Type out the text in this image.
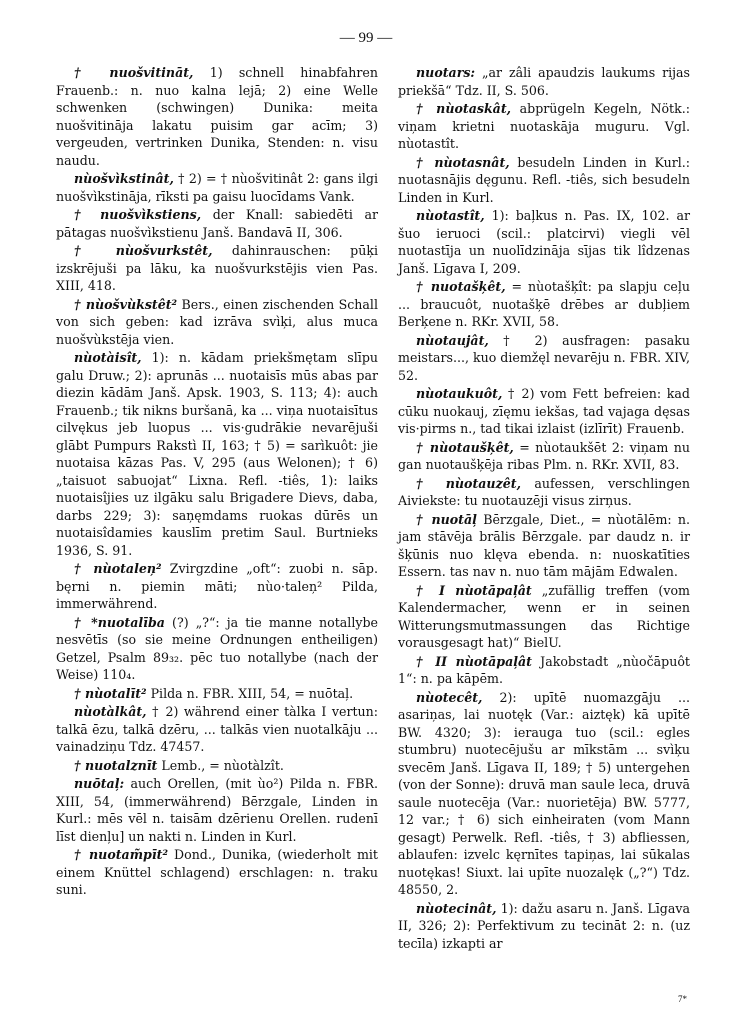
— 99 —

† nuošvitināt, 1) schnell hinabfahren Frauenb.: n. nuo kalna lejā; 2) eine Welle schwenken (schwingen) Dunika: meita nuošvitināja lakatu puisim gar acīm; 3) vergeuden, vertrinken Dunika, Stenden: n. visu naudu.

nùošvìkstinât, † 2) = † nùošvitinât 2: gans ilgi nuošvìkstināja, rīksti pa gaisu luocīdams Vank.

† nuošvìkstiens, der Knall: sabiedēti ar pātagas nuošvìkstienu Janš. Bandavā II, 306.

† nùošvurkstêt, dahinrauschen: pūķi izskrējuši pa lāku, ka nuošvurkstējis vien Pas. XIII, 418.

† nùošvùkstêt² Bers., einen zischenden Schall von sich geben: kad izrāva svìķi, alus muca nuošvùkstēja vien.

nùotàisît, 1): n. kādam priekšmętam slīpu galu Druw.; 2): aprunās ... nuotaisīs mūs abas par diezin kādām Janš. Apsk. 1903, S. 113; 4): auch Frauenb.; tik nikns buršanā, ka ... viņa nuotaisītus cilvękus jeb luopus ... vis·gudrākie nevarējuši glābt Pumpurs Rakstì II, 163; † 5) = sarìkuôt: jie nuotaisa kāzas Pas. V, 295 (aus Welonen); † 6) „taisuot sabuojat“ Lixna. Refl. -tiês, 1): laiks nuotaisîjies uz ilgāku salu Brigadere Dievs, daba, darbs 229; 3): saņęmdams ruokas dūrēs un nuotaisîdamies kauslīm pretim Saul. Burtnieks 1936, S. 91.

† nùotaleņ² Zvirgzdine „oft“: zuobi n. sāp. bęrni n. piemin māti; nùo·taleņ² Pilda, immerwährend.

† *nuotalība (?) „?“: ja tie manne notallybe nesvētīs (so sie meine Ordnungen entheiligen) Getzel, Psalm 89₃₂. pēc tuo notallybe (nach der Weise) 110₄.

† nùotalīt² Pilda n. FBR. XIII, 54, = nuōtaļ.

nùotàlkât, † 2) während einer tàlka I vertun: talkā ēzu, talkā dzēru, ... talkās vien nuotalkāju ... vainadziņu Tdz. 47457.

† nuotalznīt Lemb., = nùotàlzît.

nuōtaļ: auch Orellen, (mit ùo²) Pilda n. FBR. XIII, 54, (immerwährend) Bērzgale, Linden in Kurl.: mēs vēl n. taisām dzērienu Orellen. rudenī līst dienļu] un nakti n. Linden in Kurl.

† nuotam̃pīt² Dond., Dunika, (wiederholt mit einem Knüttel schlagend) erschlagen: n. traku suni.

nuotars: „ar zâli apaudzis laukums rijas priekšā“ Tdz. II, S. 506.

† nùotaskât, abprügeln Kegeln, Nötk.: viņam krietni nuotaskāja muguru. Vgl. nùotastît.

† nùotasnât, besudeln Linden in Kurl.: nuotasnājis dęgunu. Refl. -tiês, sich besudeln Linden in Kurl.

nùotastît, 1): baļkus n. Pas. IX, 102. ar šuo ieruoci (scil.: platcirvi) viegli vēl nuotastīja un nuolīdzināja sījas tik lîdzenas Janš. Līgava I, 209.

† nuotašķêt, = nùotašķît: pa slapju ceļu ... braucuôt, nuotašķē drēbes ar dubļiem Berķene n. RKr. XVII, 58.

nùotaujât, † 2) ausfragen: pasaku meistars..., kuo diemžęl nevarēju n. FBR. XIV, 52.

nùotaukuôt, † 2) vom Fett befreien: kad cūku nuokauj, zīęmu iekšas, tad vajaga dęsas vis·pirms n., tad tikai izlaist (izlīrīt) Frauenb.

† nùotaušķêt, = nùotaukšēt 2: viņam nu gan nuotaušķēja ribas Plm. n. RKr. XVII, 83.

† nùotauzêt, aufessen, verschlingen Aiviekste: tu nuotauzēji visus zirņus.

† nuotāļ Bērzgale, Diet., = nùotālēm: n. jam stāvēja brālis Bērzgale. par daudz n. ir šķūnis nuo klęva ebenda. n: nuoskatīties Essern. tas nav n. nuo tām mājām Edwalen.

† I nùotāpaļât „zufällig treffen (vom Kalendermacher, wenn er in seinen Witterungsmutmassungen das Richtige vorausgesagt hat)“ BielU.

† II nùotāpaļât Jakobstadt „nùočāpuôt 1“: n. pa kāpēm.

nùotecêt, 2): upītē nuomazgāju ... asariņas, lai nuotęk (Var.: aiztęk) kā upītē BW. 4320; 3): ierauga tuo (scil.: egles stumbru) nuotecējušu ar mīkstām ... svìķu svecēm Janš. Līgava II, 189; † 5) untergehen (von der Sonne): druvā man saule leca, druvā saule nuotecēja (Var.: nuorietēja) BW. 5777, 12 var.; † 6) sich einheiraten (vom Mann gesagt) Perwelk. Refl. -tiês, † 3) abfliessen, ablaufen: izvelc kęrnītes tapiņas, lai sūkalas nuotękas! Siuxt. lai upīte nuozalęk („?“) Tdz. 48550, 2.

nùotecinât, 1): dažu asaru n. Janš. Līgava II, 326; 2): Perfektivum zu tecināt 2: n. (uz tecīla) izkapti ar

7*
